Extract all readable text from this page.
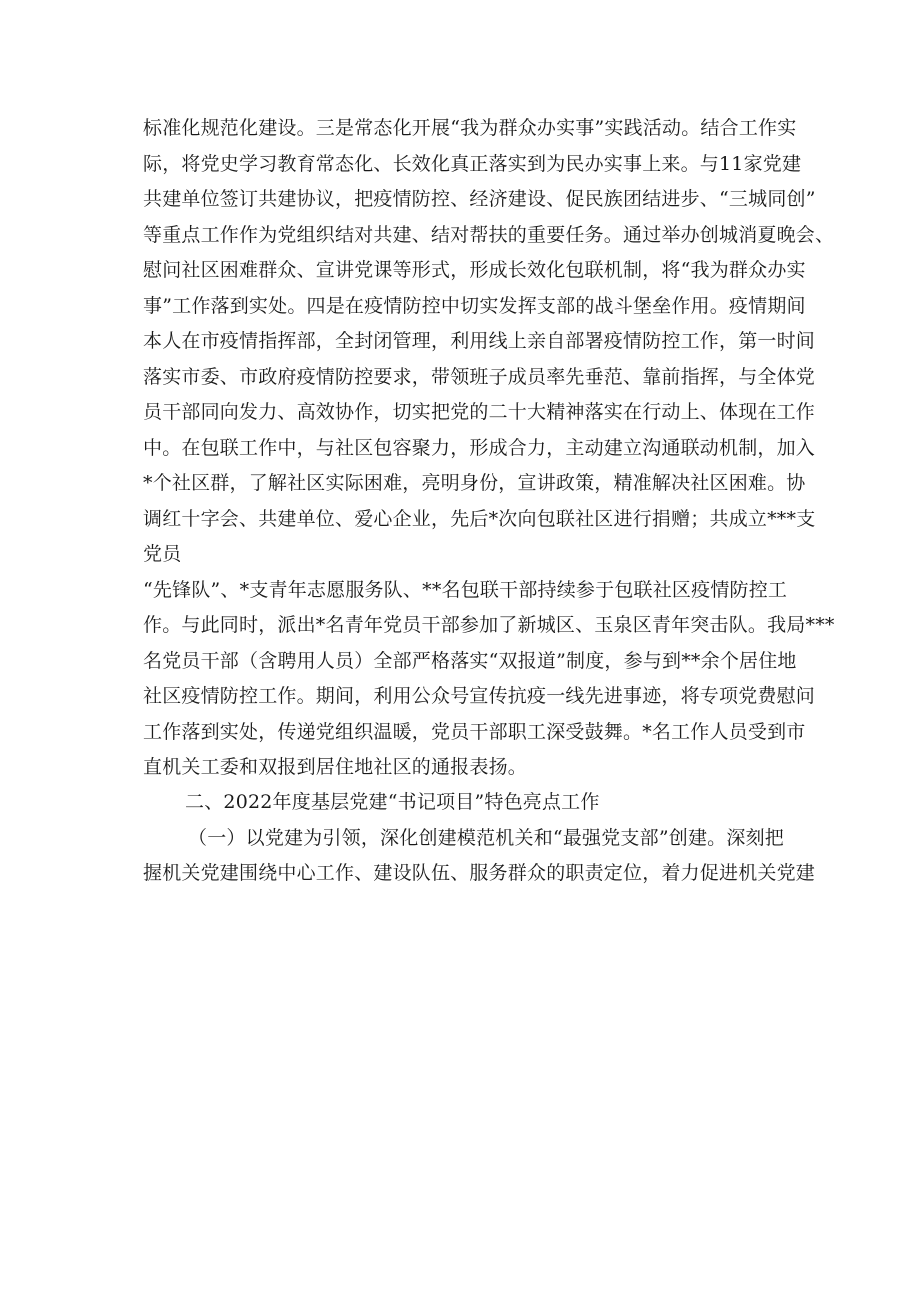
标准化规范化建设。三是常态化开展“我为群众办实事”实践活动。结合工作实
际，将党史学习教育常态化、长效化真正落实到为民办实事上来。与11家党建
共建单位签订共建协议，把疫情防控、经济建设、促民族团结进步、“三城同创”
等重点工作作为党组织结对共建、结对帮扶的重要任务。通过举办创城消夏晚会、
慰问社区困难群众、宣讲党课等形式，形成长效化包联机制，将“我为群众办实
事”工作落到实处。四是在疫情防控中切实发挥支部的战斗堡垒作用。疫情期间
本人在市疫情指挥部，全封闭管理，利用线上亲自部署疫情防控工作，第一时间
落实市委、市政府疫情防控要求，带领班子成员率先垂范、靠前指挥，与全体党
员干部同向发力、高效协作，切实把党的二十大精神落实在行动上、体现在工作
中。在包联工作中，与社区包容聚力，形成合力，主动建立沟通联动机制，加入
*个社区群，了解社区实际困难，亮明身份，宣讲政策，精准解决社区困难。协
调红十字会、共建单位、爱心企业，先后*次向包联社区进行捐赠；共成立***支
党员
“先锋队”、*支青年志愿服务队、**名包联干部持续参于包联社区疫情防控工
作。与此同时，派出*名青年党员干部参加了新城区、玉泉区青年突击队。我局***
名党员干部（含聘用人员）全部严格落实“双报道”制度，参与到**余个居住地
社区疫情防控工作。期间，利用公众号宣传抗疫一线先进事迹，将专项党费慰问
工作落到实处，传递党组织温暖，党员干部职工深受鼓舞。*名工作人员受到市
直机关工委和双报到居住地社区的通报表扬。
二、2022年度基层党建“书记项目”特色亮点工作
（一）以党建为引领，深化创建模范机关和“最强党支部”创建。深刻把
握机关党建围绕中心工作、建设队伍、服务群众的职责定位，着力促进机关党建
